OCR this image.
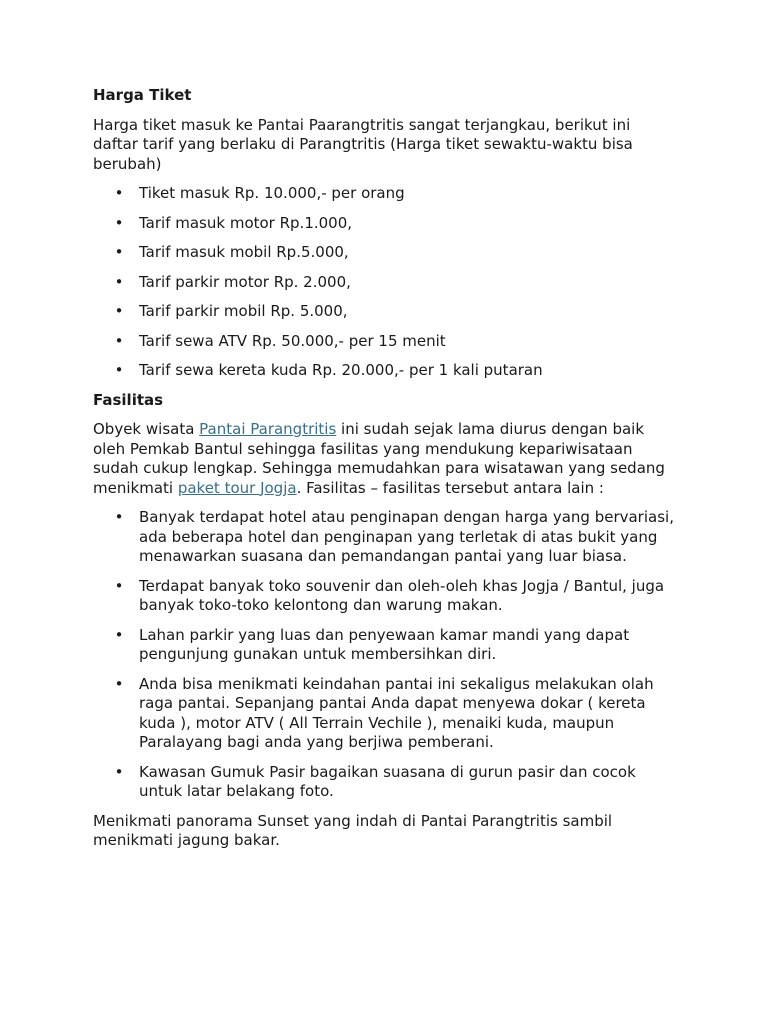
Harga Tiket

Harga tiket masuk ke Pantai Paarangtritis sangat terjangkau, berikut ini daftar tarif yang berlaku di Parangtritis (Harga tiket sewaktu-waktu bisa berubah)

• Tiket masuk Rp. 10.000,- per orang
• Tarif masuk motor Rp.1.000,
• Tarif masuk mobil Rp.5.000,
• Tarif parkir motor Rp. 2.000,
• Tarif parkir mobil Rp. 5.000,
• Tarif sewa ATV Rp. 50.000,- per 15 menit
• Tarif sewa kereta kuda Rp. 20.000,- per 1 kali putaran

Fasilitas

Obyek wisata Pantai Parangtritis ini sudah sejak lama diurus dengan baik oleh Pemkab Bantul sehingga fasilitas yang mendukung kepariwisataan sudah cukup lengkap. Sehingga memudahkan para wisatawan yang sedang menikmati paket tour Jogja. Fasilitas – fasilitas tersebut antara lain :

• Banyak terdapat hotel atau penginapan dengan harga yang bervariasi, ada beberapa hotel dan penginapan yang terletak di atas bukit yang menawarkan suasana dan pemandangan pantai yang luar biasa.
• Terdapat banyak toko souvenir dan oleh-oleh khas Jogja / Bantul, juga banyak toko-toko kelontong dan warung makan.
• Lahan parkir yang luas dan penyewaan kamar mandi yang dapat pengunjung gunakan untuk membersihkan diri.
• Anda bisa menikmati keindahan pantai ini sekaligus melakukan olah raga pantai. Sepanjang pantai Anda dapat menyewa dokar ( kereta kuda ), motor ATV ( All Terrain Vechile ), menaiki kuda, maupun Paralayang bagi anda yang berjiwa pemberani.
• Kawasan Gumuk Pasir bagaikan suasana di gurun pasir dan cocok untuk latar belakang foto.

Menikmati panorama Sunset yang indah di Pantai Parangtritis sambil menikmati jagung bakar.
